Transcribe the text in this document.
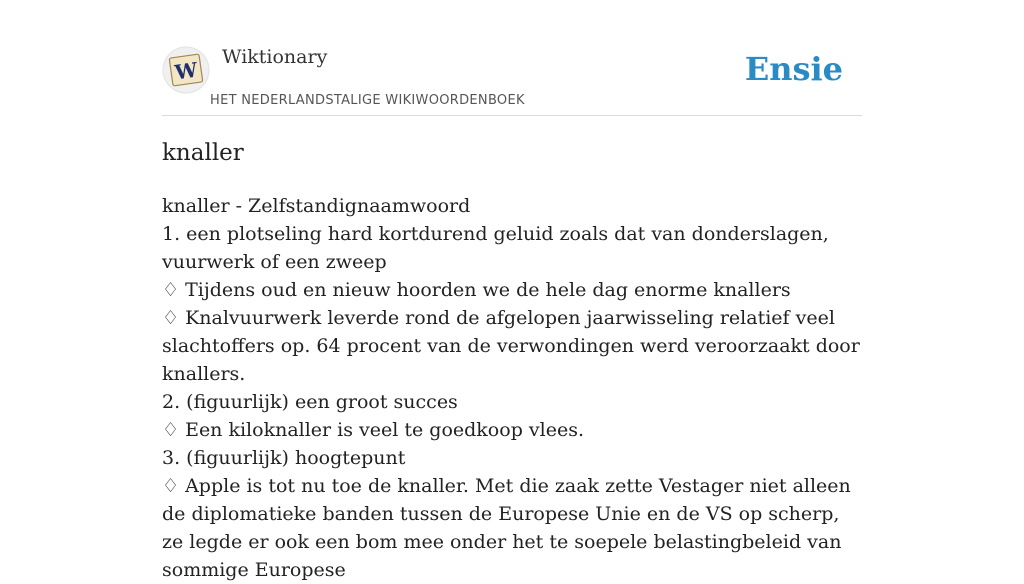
W
Wiktionary
HET NEDERLANDSTALIGE WIKIWOORDENBOEK
Ensie
knaller
knaller - Zelfstandignaamwoord
1. een plotseling hard kortdurend geluid zoals dat van donderslagen, vuurwerk of een zweep
♢ Tijdens oud en nieuw hoorden we de hele dag enorme knallers
♢ Knalvuurwerk leverde rond de afgelopen jaarwisseling relatief veel slachtoffers op. 64 procent van de verwondingen werd veroorzaakt door knallers.
2. (figuurlijk) een groot succes
♢ Een kiloknaller is veel te goedkoop vlees.
3. (figuurlijk) hoogtepunt
♢ Apple is tot nu toe de knaller. Met die zaak zette Vestager niet alleen de diplomatieke banden tussen de Europese Unie en de VS op scherp, ze legde er ook een bom mee onder het te soepele belastingbeleid van sommige Europese
